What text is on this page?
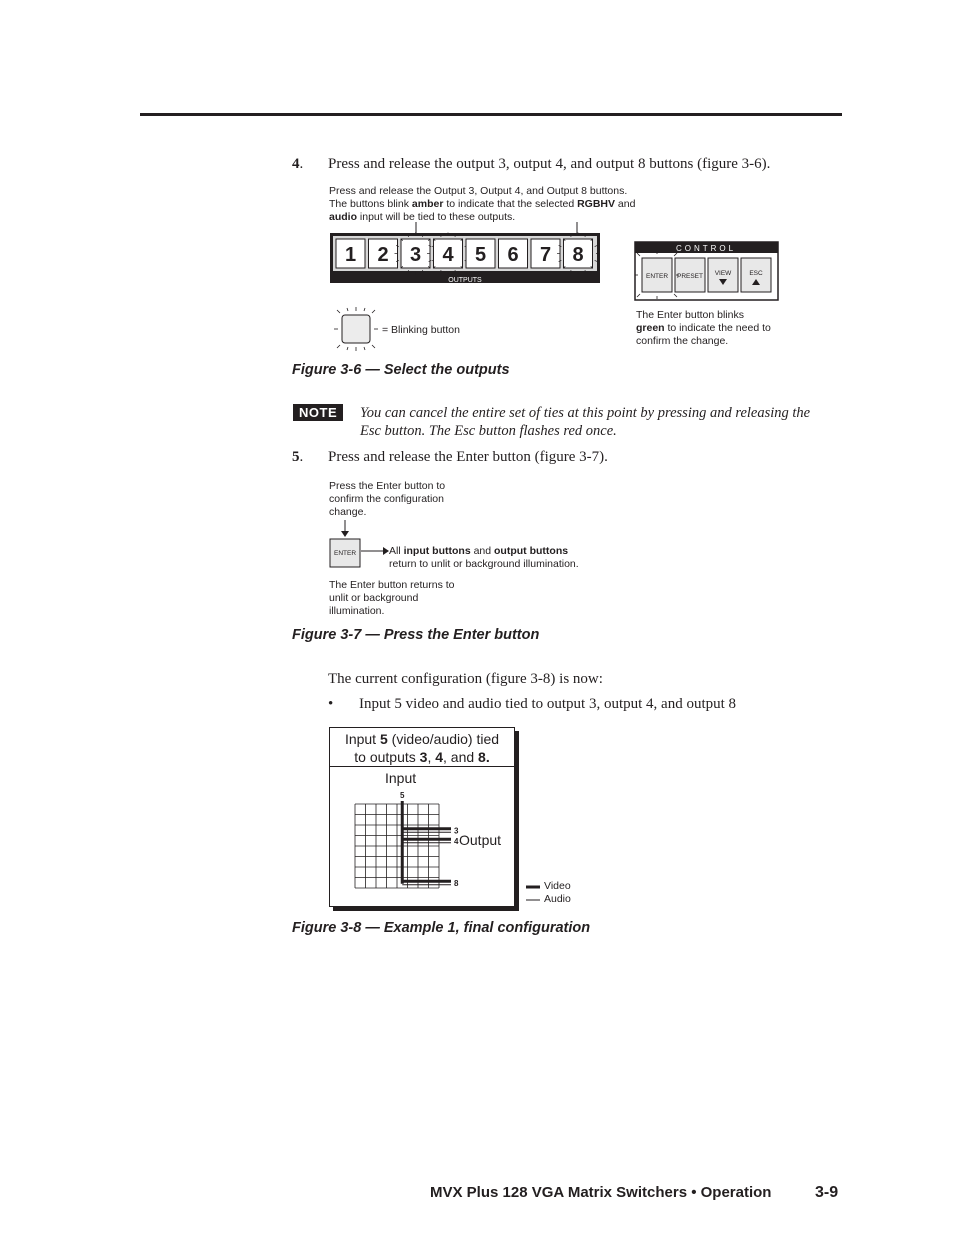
4. Press and release the output 3, output 4, and output 8 buttons (figure 3-6).
Press and release the Output 3, Output 4, and Output 8 buttons.
The buttons blink amber to indicate that the selected RGBHV and
audio input will be tied to these outputs.
OUTPUTS
1 2 3 4 5 6 7 8	CONTROL
ENTER PRESET VIEW	ESC
= Blinking button
The Enter button blinks
green to indicate the need to
confirm the change.
Figure 3-6 — Select the outputs
NOTE	You can cancel the entire set of ties at this point by pressing and releasing the
Esc button. The Esc button flashes red once.
5. Press and release the Enter button (figure 3-7).
Press the Enter button to
confirm the configuration
change.
ENTER	All input buttons and output buttons
return to unlit or background illumination.
The Enter button returns to
unlit or background
illumination.
Figure 3-7 — Press the Enter button
The current configuration (figure 3-8) is now:
• Input 5 video and audio tied to output 3, output 4, and output 8
Input 5 (video/audio) tied
to outputs 3, 4, and 8.
Input
Output
5
3
4
8	Video
Audio
Figure 3-8 — Example 1, final configuration
MVX Plus 128 VGA Matrix Switchers • Operation	3-9
